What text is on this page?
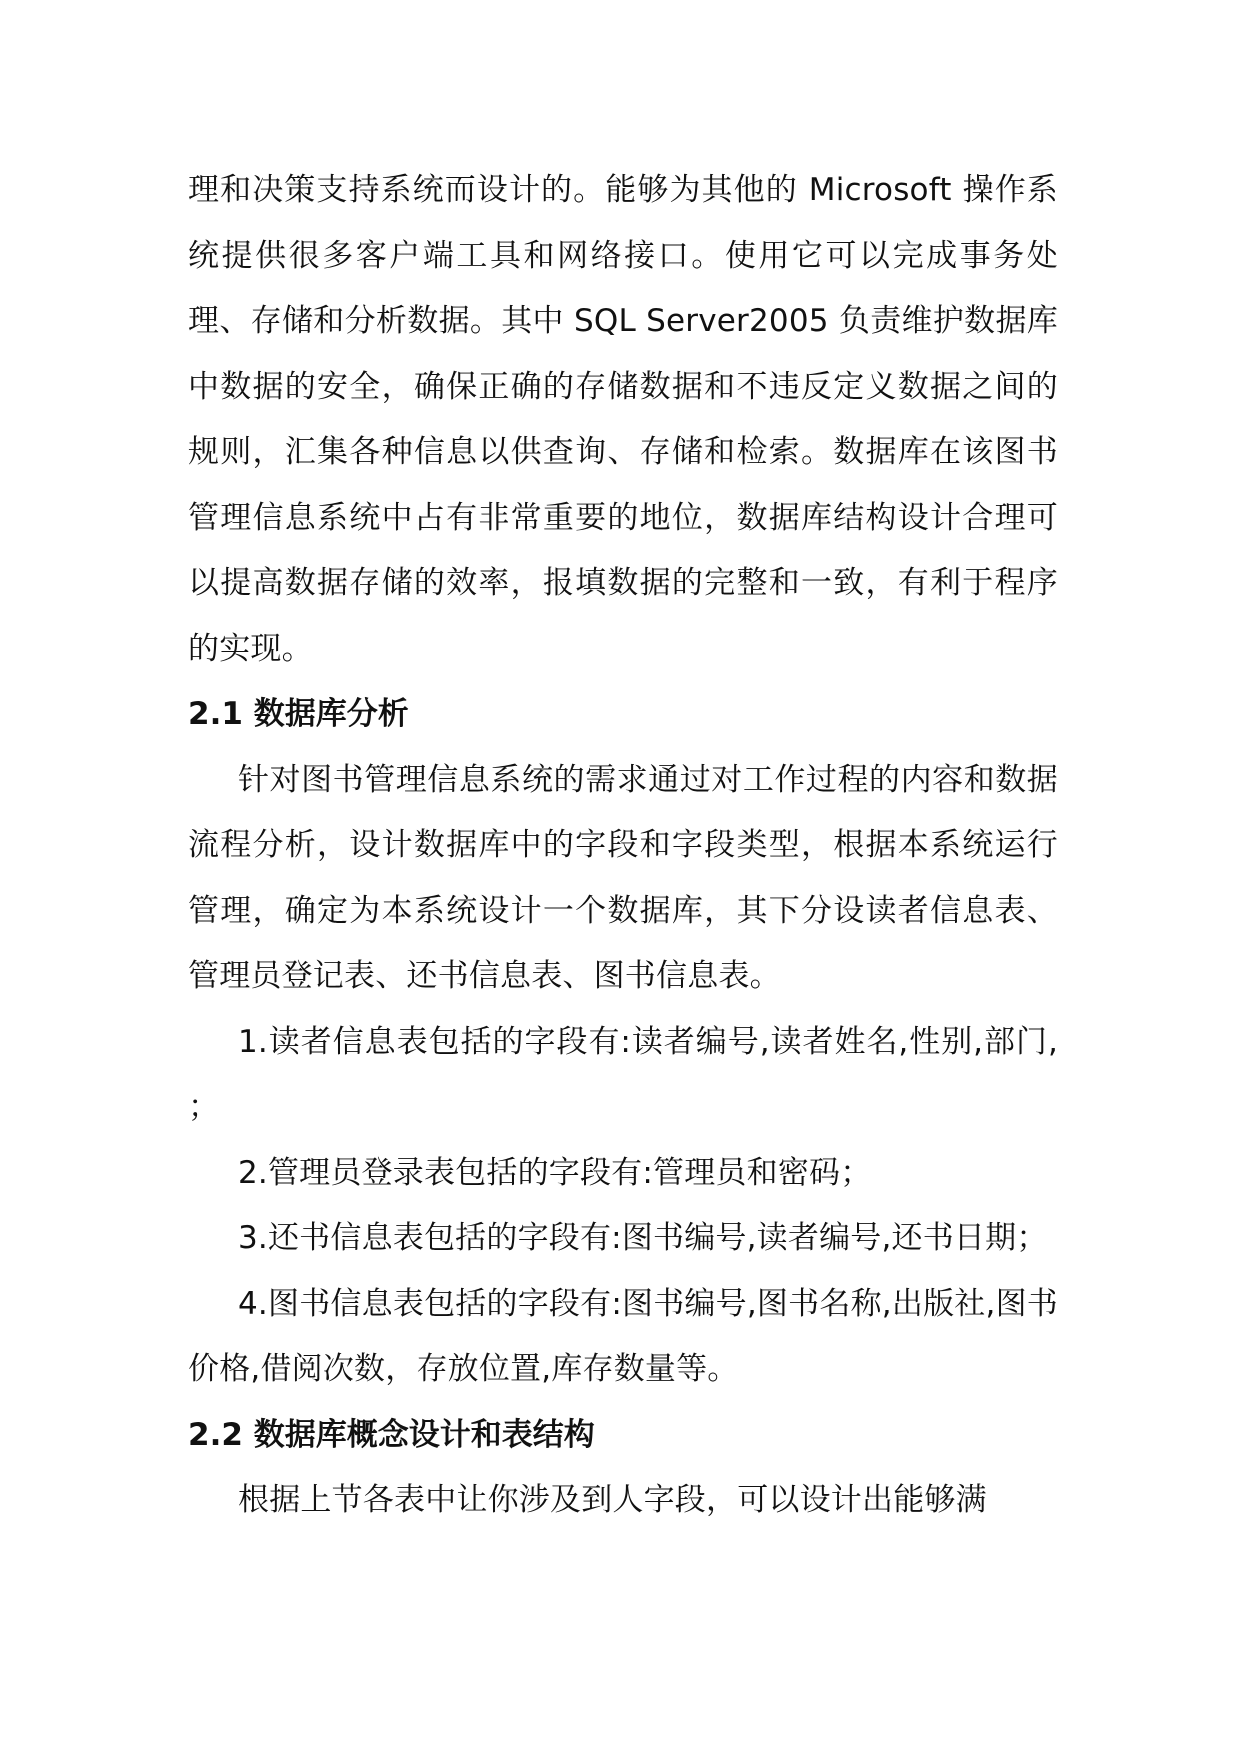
理和决策支持系统而设计的。能够为其他的 Microsoft 操作系统提供很多客户端工具和网络接口。使用它可以完成事务处理、存储和分析数据。其中 SQL Server2005 负责维护数据库中数据的安全，确保正确的存储数据和不违反定义数据之间的规则，汇集各种信息以供查询、存储和检索。数据库在该图书管理信息系统中占有非常重要的地位，数据库结构设计合理可以提高数据存储的效率，报填数据的完整和一致，有利于程序的实现。

2.1 数据库分析

针对图书管理信息系统的需求通过对工作过程的内容和数据流程分析，设计数据库中的字段和字段类型，根据本系统运行管理，确定为本系统设计一个数据库，其下分设读者信息表、管理员登记表、还书信息表、图书信息表。

1.读者信息表包括的字段有:读者编号,读者姓名,性别,部门,          ；

2.管理员登录表包括的字段有:管理员和密码；

3.还书信息表包括的字段有:图书编号,读者编号,还书日期；

4.图书信息表包括的字段有:图书编号,图书名称,出版社,图书价格,借阅次数，存放位置,库存数量等。

2.2 数据库概念设计和表结构

根据上节各表中让你涉及到人字段，可以设计出能够满
